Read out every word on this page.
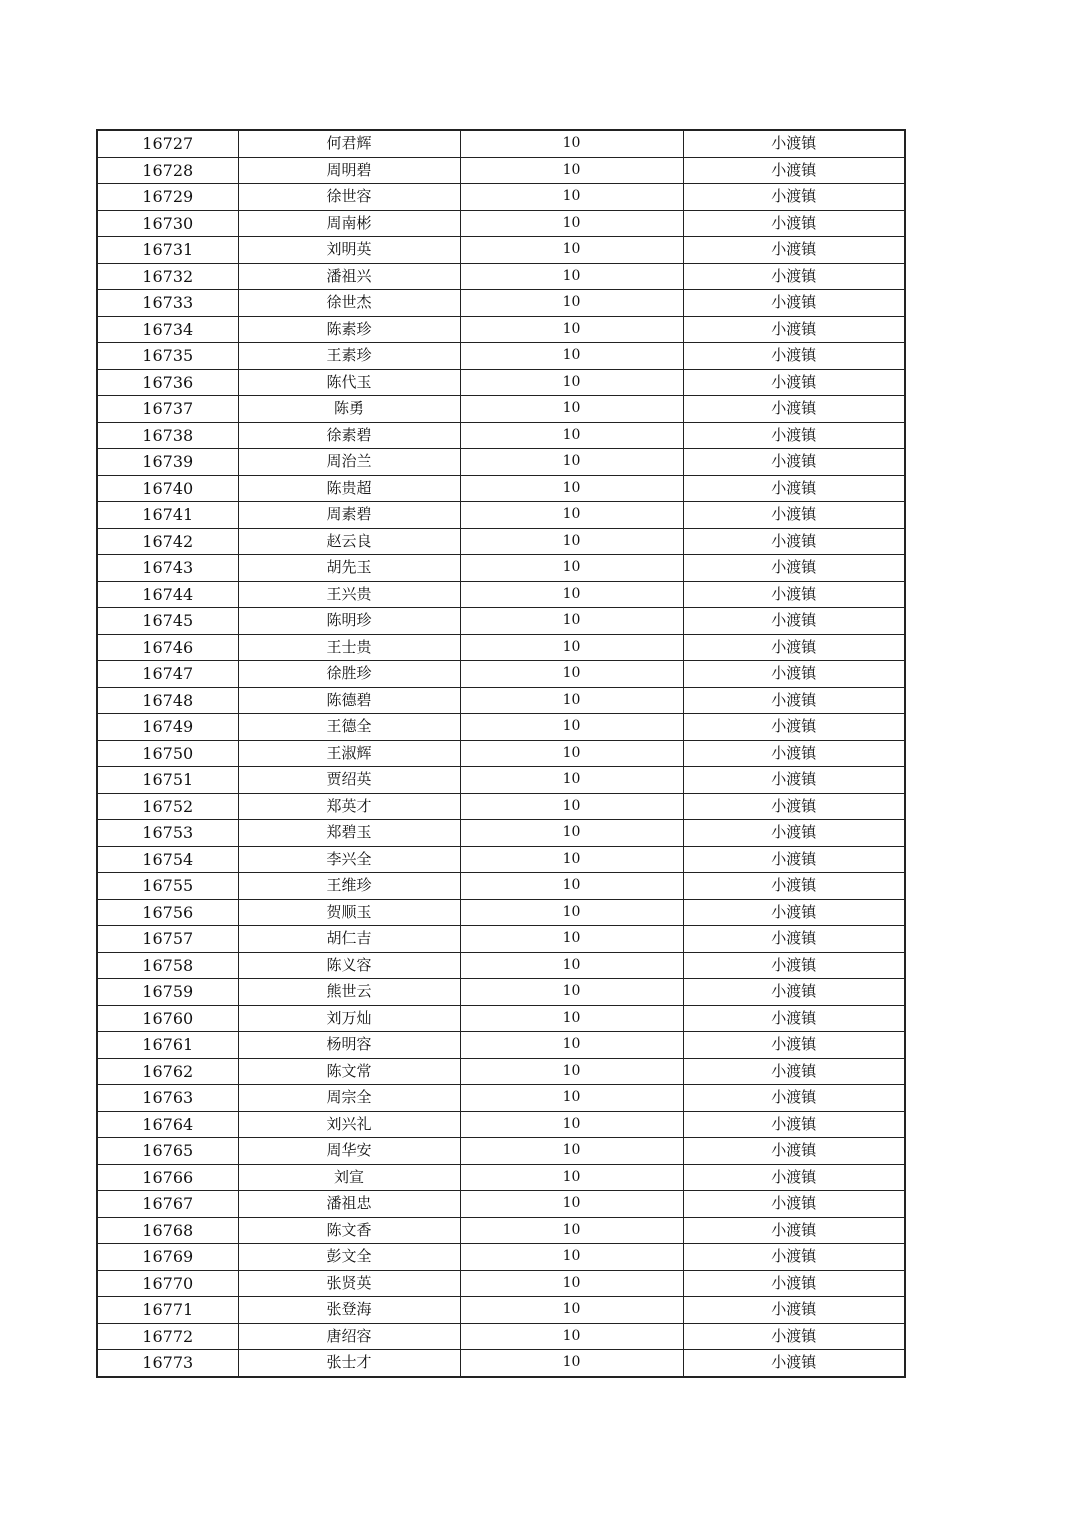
16727	何君辉	10	小渡镇
16728	周明碧	10	小渡镇
16729	徐世容	10	小渡镇
16730	周南彬	10	小渡镇
16731	刘明英	10	小渡镇
16732	潘祖兴	10	小渡镇
16733	徐世杰	10	小渡镇
16734	陈素珍	10	小渡镇
16735	王素珍	10	小渡镇
16736	陈代玉	10	小渡镇
16737	陈勇	10	小渡镇
16738	徐素碧	10	小渡镇
16739	周治兰	10	小渡镇
16740	陈贵超	10	小渡镇
16741	周素碧	10	小渡镇
16742	赵云良	10	小渡镇
16743	胡先玉	10	小渡镇
16744	王兴贵	10	小渡镇
16745	陈明珍	10	小渡镇
16746	王士贵	10	小渡镇
16747	徐胜珍	10	小渡镇
16748	陈德碧	10	小渡镇
16749	王德全	10	小渡镇
16750	王淑辉	10	小渡镇
16751	贾绍英	10	小渡镇
16752	郑英才	10	小渡镇
16753	郑碧玉	10	小渡镇
16754	李兴全	10	小渡镇
16755	王维珍	10	小渡镇
16756	贺顺玉	10	小渡镇
16757	胡仁吉	10	小渡镇
16758	陈义容	10	小渡镇
16759	熊世云	10	小渡镇
16760	刘万灿	10	小渡镇
16761	杨明容	10	小渡镇
16762	陈文常	10	小渡镇
16763	周宗全	10	小渡镇
16764	刘兴礼	10	小渡镇
16765	周华安	10	小渡镇
16766	刘宣	10	小渡镇
16767	潘祖忠	10	小渡镇
16768	陈文香	10	小渡镇
16769	彭文全	10	小渡镇
16770	张贤英	10	小渡镇
16771	张登海	10	小渡镇
16772	唐绍容	10	小渡镇
16773	张士才	10	小渡镇
